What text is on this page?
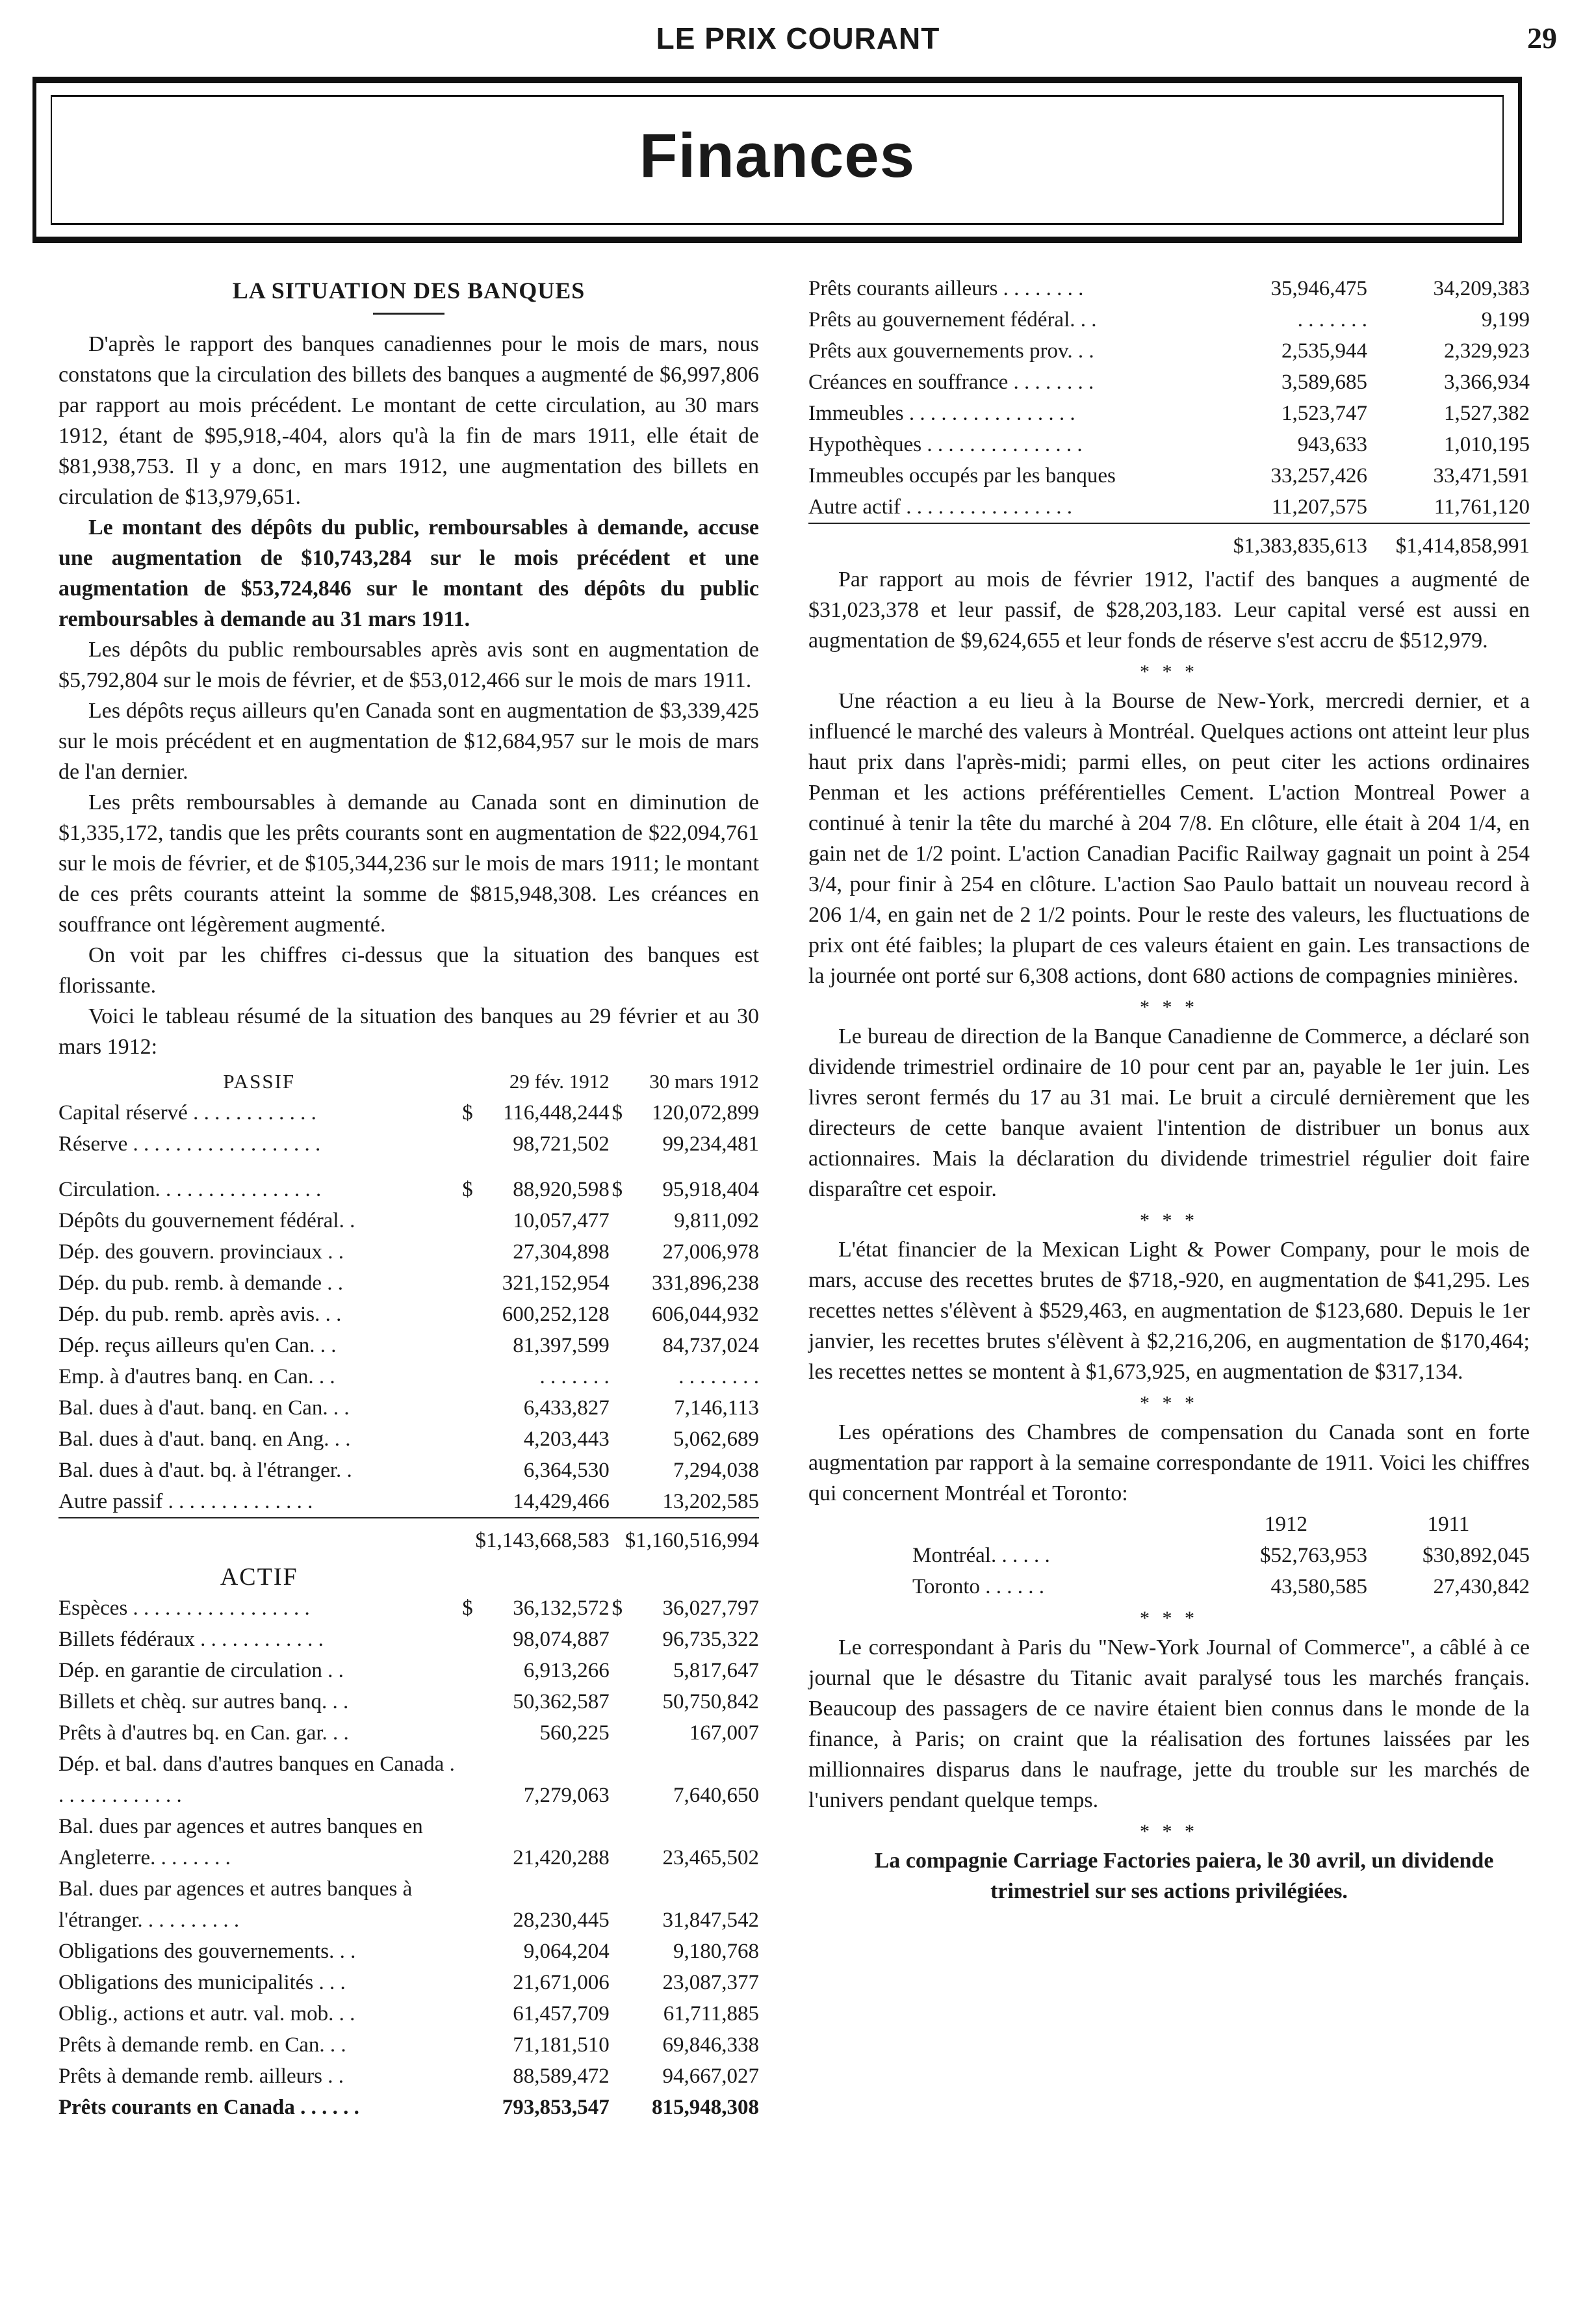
LE PRIX COURANT	29
Finances
LA SITUATION DES BANQUES

D'après le rapport des banques canadiennes pour le mois de mars, nous constatons que la circulation des billets des banques a augmenté de $6,997,806 par rapport au mois précédent. Le montant de cette circulation, au 30 mars 1912, étant de $95,918,-404, alors qu'à la fin de mars 1911, elle était de $81,938,753. Il y a donc, en mars 1912, une augmentation des billets en circulation de $13,979,651.

Le montant des dépôts du public, remboursables à demande, accuse une augmentation de $10,743,284 sur le mois précédent et une augmentation de $53,724,846 sur le montant des dépôts du public remboursables à demande au 31 mars 1911.

Les dépôts du public remboursables après avis sont en augmentation de $5,792,804 sur le mois de février, et de $53,012,466 sur le mois de mars 1911.

Les dépôts reçus ailleurs qu'en Canada sont en augmentation de $3,339,425 sur le mois précédent et en augmentation de $12,684,957 sur le mois de mars de l'an dernier.

Les prêts remboursables à demande au Canada sont en diminution de $1,335,172, tandis que les prêts courants sont en augmentation de $22,094,761 sur le mois de février, et de $105,344,236 sur le mois de mars 1911; le montant de ces prêts courants atteint la somme de $815,948,308. Les créances en souffrance ont légèrement augmenté.

On voit par les chiffres ci-dessus que la situation des banques est florissante.

Voici le tableau résumé de la situation des banques au 29 février et au 30 mars 1912:

PASSIF		29 fév. 1912		30 mars 1912
Capital réservé . . . . . . . . . . . .	$	116,448,244	$	120,072,899
Réserve . . . . . . . . . . . . . . . . . .		98,721,502		99,234,481

Circulation. . . . . . . . . . . . . . . .	$	88,920,598	$	95,918,404
Dépôts du gouvernement fédéral. .		10,057,477		9,811,092
Dép. des gouvern. provinciaux . .		27,304,898		27,006,978
Dép. du pub. remb. à demande . .		321,152,954		331,896,238
Dép. du pub. remb. après avis. . .		600,252,128		606,044,932
Dép. reçus ailleurs qu'en Can. . .		81,397,599		84,737,024
Emp. à d'autres banq. en Can. . .		. . . . . . .		. . . . . . . .
Bal. dues à d'aut. banq. en Can. . .		6,433,827		7,146,113
Bal. dues à d'aut. banq. en Ang. . .		4,203,443		5,062,689
Bal. dues à d'aut. bq. à l'étranger. .		6,364,530		7,294,038
Autre passif . . . . . . . . . . . . . .		14,429,466		13,202,585
		$1,143,668,583		$1,160,516,994
ACTIF				
Espèces . . . . . . . . . . . . . . . . .	$	36,132,572	$	36,027,797
Billets fédéraux . . . . . . . . . . . .		98,074,887		96,735,322
Dép. en garantie de circulation . .		6,913,266		5,817,647
Billets et chèq. sur autres banq. . .		50,362,587		50,750,842
Prêts à d'autres bq. en Can. gar. . .		560,225		167,007
Dép. et bal. dans d'autres banques en Canada . . . . . . . . . . . . .		7,279,063		7,640,650
Bal. dues par agences et autres banques en Angleterre. . . . . . . .		21,420,288		23,465,502
Bal. dues par agences et autres banques à l'étranger. . . . . . . . . .		28,230,445		31,847,542
Obligations des gouvernements. . .		9,064,204		9,180,768
Obligations des municipalités . . .		21,671,006		23,087,377
Oblig., actions et autr. val. mob. . .		61,457,709		61,711,885
Prêts à demande remb. en Can. . .		71,181,510		69,846,338
Prêts à demande remb. ailleurs . .		88,589,472		94,667,027
Prêts courants en Canada . . . . . .		793,853,547		815,948,308
Prêts courants ailleurs . . . . . . . .	35,946,475	34,209,383
Prêts au gouvernement fédéral. . .	. . . . . . .	9,199
Prêts aux gouvernements prov. . .	2,535,944	2,329,923
Créances en souffrance . . . . . . . .	3,589,685	3,366,934
Immeubles . . . . . . . . . . . . . . . .	1,523,747	1,527,382
Hypothèques . . . . . . . . . . . . . . .	943,633	1,010,195
Immeubles occupés par les banques	33,257,426	33,471,591
Autre actif . . . . . . . . . . . . . . . .	11,207,575	11,761,120
	$1,383,835,613	$1,414,858,991

Par rapport au mois de février 1912, l'actif des banques a augmenté de $31,023,378 et leur passif, de $28,203,183. Leur capital versé est aussi en augmentation de $9,624,655 et leur fonds de réserve s'est accru de $512,979.

* * *

Une réaction a eu lieu à la Bourse de New-York, mercredi dernier, et a influencé le marché des valeurs à Montréal. Quelques actions ont atteint leur plus haut prix dans l'après-midi; parmi elles, on peut citer les actions ordinaires Penman et les actions préférentielles Cement. L'action Montreal Power a continué à tenir la tête du marché à 204 7/8. En clôture, elle était à 204 1/4, en gain net de 1/2 point. L'action Canadian Pacific Railway gagnait un point à 254 3/4, pour finir à 254 en clôture. L'action Sao Paulo battait un nouveau record à 206 1/4, en gain net de 2 1/2 points. Pour le reste des valeurs, les fluctuations de prix ont été faibles; la plupart de ces valeurs étaient en gain. Les transactions de la journée ont porté sur 6,308 actions, dont 680 actions de compagnies minières.

* * *

Le bureau de direction de la Banque Canadienne de Commerce, a déclaré son dividende trimestriel ordinaire de 10 pour cent par an, payable le 1er juin. Les livres seront fermés du 17 au 31 mai. Le bruit a circulé dernièrement que les directeurs de cette banque avaient l'intention de distribuer un bonus aux actionnaires. Mais la déclaration du dividende trimestriel régulier doit faire disparaître cet espoir.

* * *

L'état financier de la Mexican Light & Power Company, pour le mois de mars, accuse des recettes brutes de $718,-920, en augmentation de $41,295. Les recettes nettes s'élèvent à $529,463, en augmentation de $123,680. Depuis le 1er janvier, les recettes brutes s'élèvent à $2,216,206, en augmentation de $170,464; les recettes nettes se montent à $1,673,925, en augmentation de $317,134.

* * *

Les opérations des Chambres de compensation du Canada sont en forte augmentation par rapport à la semaine correspondante de 1911. Voici les chiffres qui concernent Montréal et Toronto:

	1912	1911
Montréal. . . . . .	$52,763,953	$30,892,045
Toronto . . . . . .	43,580,585	27,430,842
* * *

Le correspondant à Paris du "New-York Journal of Commerce", a câblé à ce journal que le désastre du Titanic avait paralysé tous les marchés français. Beaucoup des passagers de ce navire étaient bien connus dans le monde de la finance, à Paris; on craint que la réalisation des fortunes laissées par les millionnaires disparus dans le naufrage, jette du trouble sur les marchés de l'univers pendant quelque temps.

* * *

La compagnie Carriage Factories paiera, le 30 avril, un dividende trimestriel sur ses actions privilégiées.
